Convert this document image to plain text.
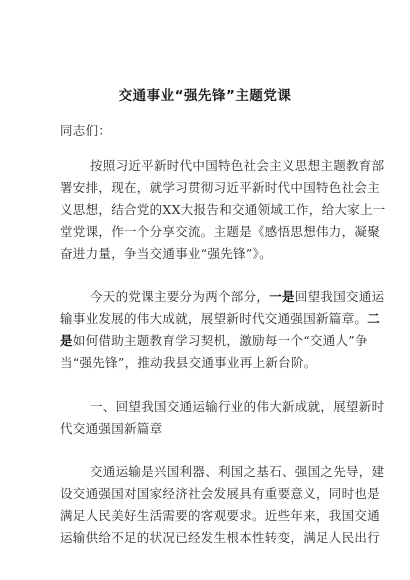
交通事业“强先锋”主题党课

同志们：

按照习近平新时代中国特色社会主义思想主题教育部

署安排，现在，就学习贯彻习近平新时代中国特色社会主

义思想，结合党的XX大报告和交通领域工作，给大家上一

堂党课，作一个分享交流。主题是《感悟思想伟力，凝聚

奋进力量，争当交通事业“强先锋”》。

今天的党课主要分为两个部分，一是回望我国交通运

输事业发展的伟大成就，展望新时代交通强国新篇章。二

是如何借助主题教育学习契机，激励每一个“交通人”争

当“强先锋”，推动我县交通事业再上新台阶。

一、回望我国交通运输行业的伟大新成就，展望新时

代交通强国新篇章

交通运输是兴国利器、利国之基石、强国之先导，建

设交通强国对国家经济社会发展具有重要意义，同时也是

满足人民美好生活需要的客观要求。近些年来，我国交通

运输供给不足的状况已经发生根本性转变，满足人民出行
